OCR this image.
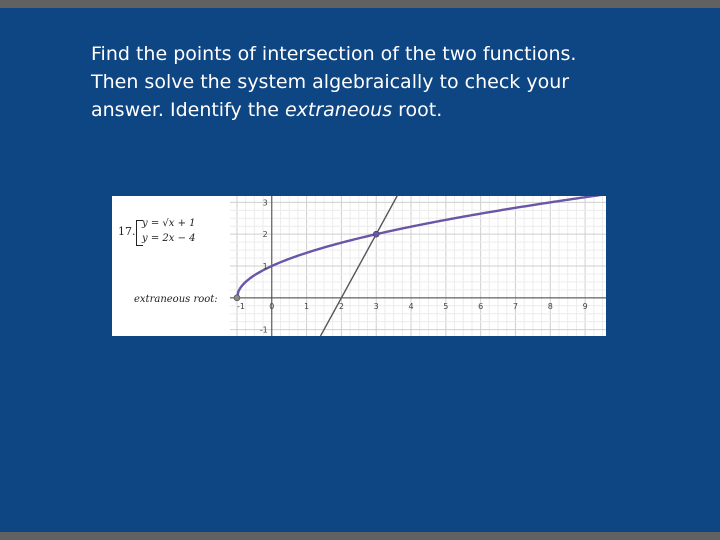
Find the points of intersection of the two functions.
Then solve the system algebraically to check your
answer. Identify the extraneous root.
17.
y = √x + 1
y = 2x − 4
extraneous root:
-1	0	1	2	3	4	5	6	7	8	9
3
2
1
-1
